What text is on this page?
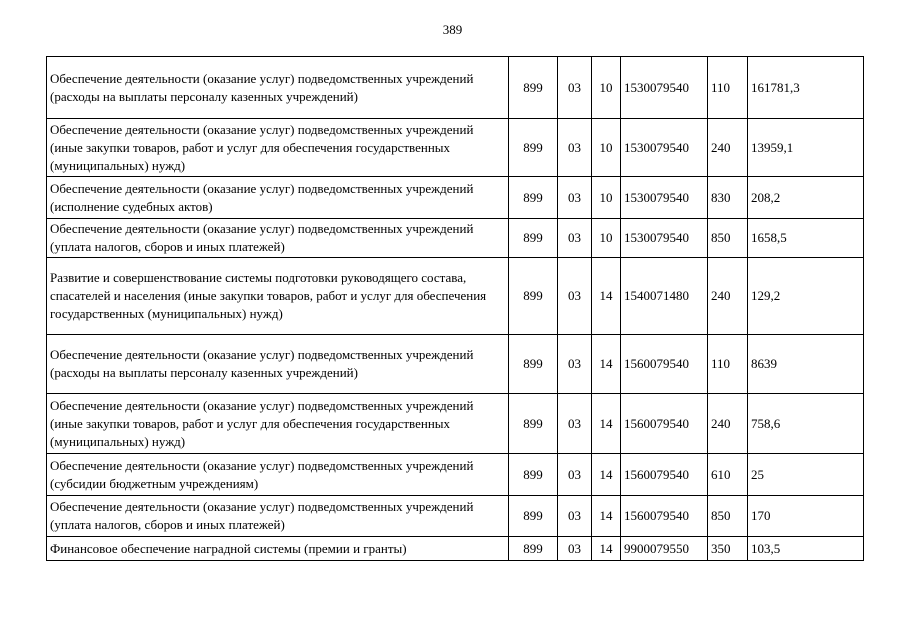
389
Обеспечение деятельности (оказание услуг) подведомственных учреждений (расходы на выплаты персоналу казенных учреждений)	899	03	10	1530079540	110	161781,3
Обеспечение деятельности (оказание услуг) подведомственных учреждений (иные закупки товаров, работ и услуг для обеспечения государственных (муниципальных) нужд)	899	03	10	1530079540	240	13959,1
Обеспечение деятельности (оказание услуг) подведомственных учреждений (исполнение судебных актов)	899	03	10	1530079540	830	208,2
Обеспечение деятельности (оказание услуг) подведомственных учреждений (уплата налогов, сборов и иных платежей)	899	03	10	1530079540	850	1658,5
Развитие и совершенствование системы подготовки руководящего состава, спасателей и населения (иные закупки товаров, работ и услуг для обеспечения государственных (муниципальных) нужд)	899	03	14	1540071480	240	129,2
Обеспечение деятельности (оказание услуг) подведомственных учреждений (расходы на выплаты персоналу казенных учреждений)	899	03	14	1560079540	110	8639
Обеспечение деятельности (оказание услуг) подведомственных учреждений (иные закупки товаров, работ и услуг для обеспечения государственных (муниципальных) нужд)	899	03	14	1560079540	240	758,6
Обеспечение деятельности (оказание услуг) подведомственных учреждений (субсидии бюджетным учреждениям)	899	03	14	1560079540	610	25
Обеспечение деятельности (оказание услуг) подведомственных учреждений (уплата налогов, сборов и иных платежей)	899	03	14	1560079540	850	170
Финансовое обеспечение наградной системы (премии и гранты)	899	03	14	9900079550	350	103,5
